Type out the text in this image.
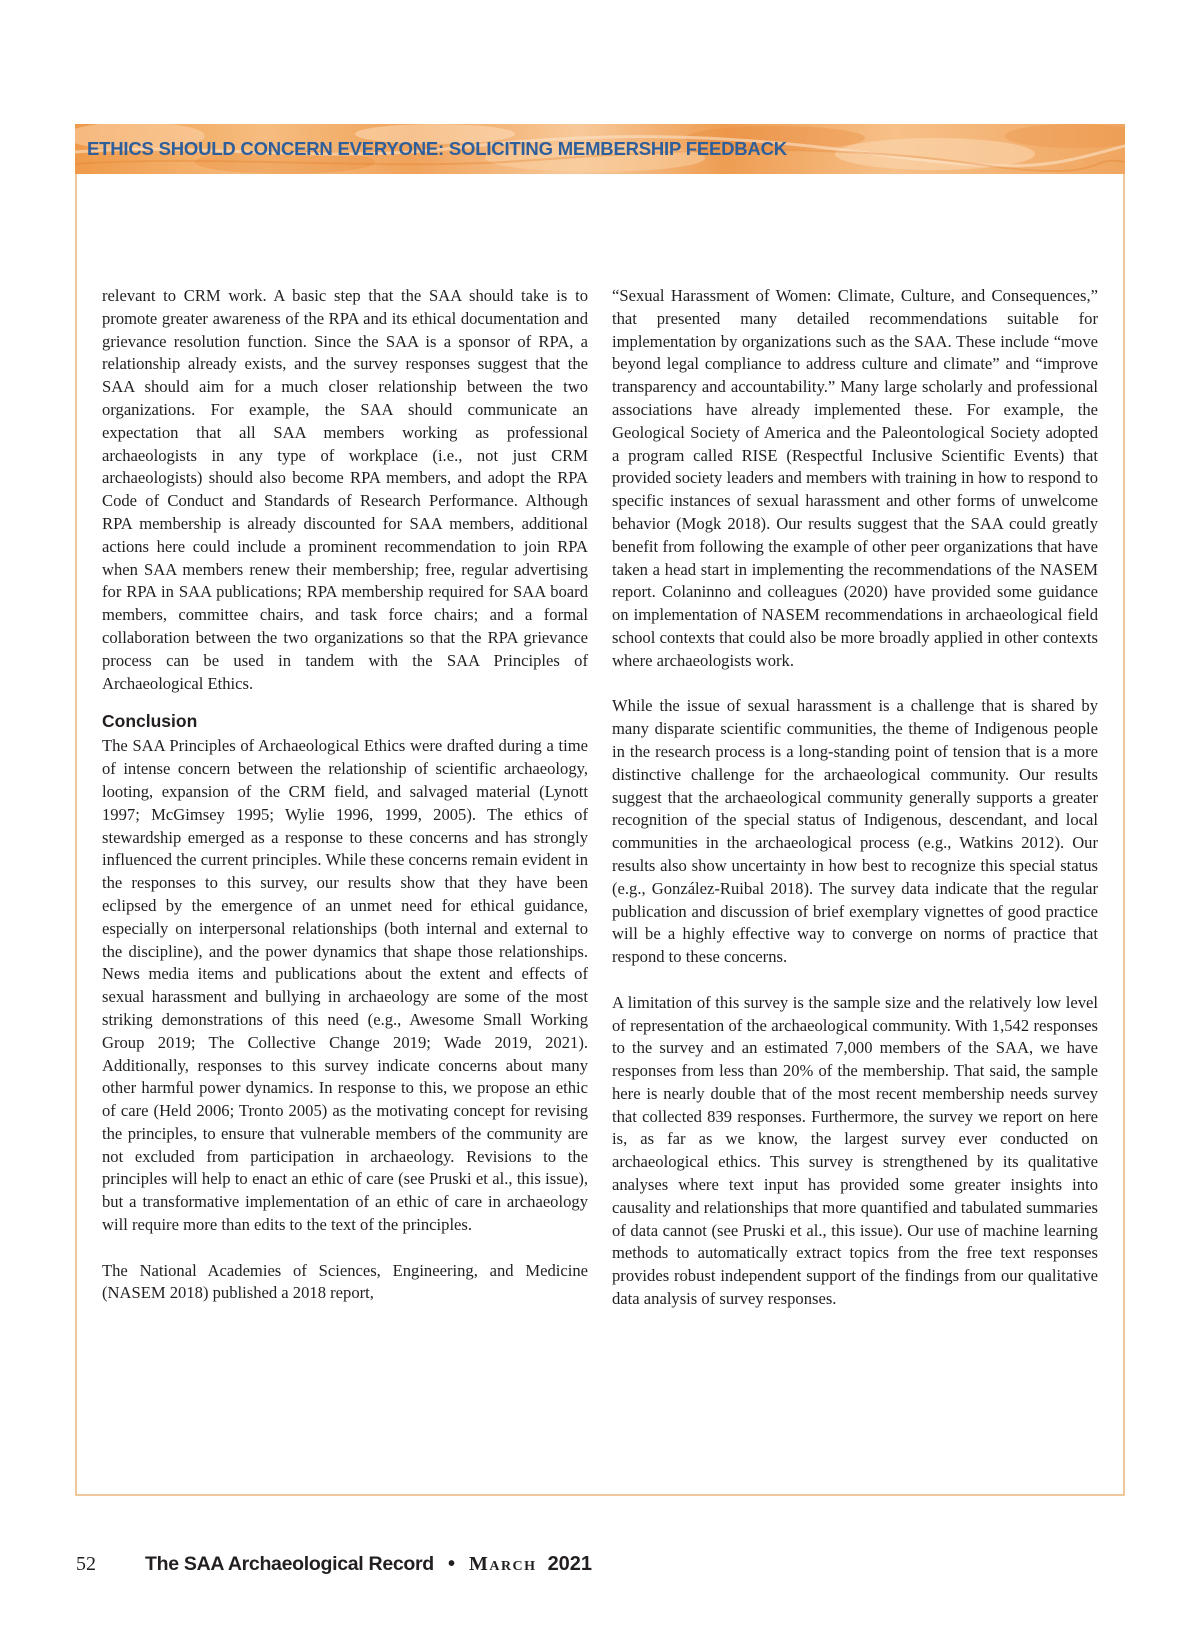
ETHICS SHOULD CONCERN EVERYONE: SOLICITING MEMBERSHIP FEEDBACK

relevant to CRM work. A basic step that the SAA should take is to promote greater awareness of the RPA and its ethical documentation and grievance resolution function. Since the SAA is a sponsor of RPA, a relationship already exists, and the survey responses suggest that the SAA should aim for a much closer relationship between the two organizations. For example, the SAA should communicate an expectation that all SAA members working as professional archaeologists in any type of workplace (i.e., not just CRM archaeologists) should also become RPA members, and adopt the RPA Code of Conduct and Standards of Research Performance. Although RPA membership is already discounted for SAA members, additional actions here could include a prominent recommendation to join RPA when SAA members renew their membership; free, regular advertising for RPA in SAA publications; RPA membership required for SAA board members, committee chairs, and task force chairs; and a formal collaboration between the two organizations so that the RPA grievance process can be used in tandem with the SAA Principles of Archaeological Ethics.

Conclusion

The SAA Principles of Archaeological Ethics were drafted during a time of intense concern between the relationship of scientific archaeology, looting, expansion of the CRM field, and salvaged material (Lynott 1997; McGimsey 1995; Wylie 1996, 1999, 2005). The ethics of stewardship emerged as a response to these concerns and has strongly influenced the current principles. While these concerns remain evident in the responses to this survey, our results show that they have been eclipsed by the emergence of an unmet need for ethical guidance, especially on interpersonal relationships (both internal and external to the discipline), and the power dynamics that shape those relationships. News media items and publications about the extent and effects of sexual harassment and bullying in archaeology are some of the most striking demonstrations of this need (e.g., Awesome Small Working Group 2019; The Collective Change 2019; Wade 2019, 2021). Additionally, responses to this survey indicate concerns about many other harmful power dynamics. In response to this, we propose an ethic of care (Held 2006; Tronto 2005) as the motivating concept for revising the principles, to ensure that vulnerable members of the community are not excluded from participation in archaeology. Revisions to the principles will help to enact an ethic of care (see Pruski et al., this issue), but a transformative implementation of an ethic of care in archaeology will require more than edits to the text of the principles.

The National Academies of Sciences, Engineering, and Medicine (NASEM 2018) published a 2018 report,

“Sexual Harassment of Women: Climate, Culture, and Consequences,” that presented many detailed recommendations suitable for implementation by organizations such as the SAA. These include “move beyond legal compliance to address culture and climate” and “improve transparency and accountability.” Many large scholarly and professional associations have already implemented these. For example, the Geological Society of America and the Paleontological Society adopted a program called RISE (Respectful Inclusive Scientific Events) that provided society leaders and members with training in how to respond to specific instances of sexual harassment and other forms of unwelcome behavior (Mogk 2018). Our results suggest that the SAA could greatly benefit from following the example of other peer organizations that have taken a head start in implementing the recommendations of the NASEM report. Colaninno and colleagues (2020) have provided some guidance on implementation of NASEM recommendations in archaeological field school contexts that could also be more broadly applied in other contexts where archaeologists work.

While the issue of sexual harassment is a challenge that is shared by many disparate scientific communities, the theme of Indigenous people in the research process is a long-standing point of tension that is a more distinctive challenge for the archaeological community. Our results suggest that the archaeological community generally supports a greater recognition of the special status of Indigenous, descendant, and local communities in the archaeological process (e.g., Watkins 2012). Our results also show uncertainty in how best to recognize this special status (e.g., González-Ruibal 2018). The survey data indicate that the regular publication and discussion of brief exemplary vignettes of good practice will be a highly effective way to converge on norms of practice that respond to these concerns.

A limitation of this survey is the sample size and the relatively low level of representation of the archaeological community. With 1,542 responses to the survey and an estimated 7,000 members of the SAA, we have responses from less than 20% of the membership. That said, the sample here is nearly double that of the most recent membership needs survey that collected 839 responses. Furthermore, the survey we report on here is, as far as we know, the largest survey ever conducted on archaeological ethics. This survey is strengthened by its qualitative analyses where text input has provided some greater insights into causality and relationships that more quantified and tabulated summaries of data cannot (see Pruski et al., this issue). Our use of machine learning methods to automatically extract topics from the free text responses provides robust independent support of the findings from our qualitative data analysis of survey responses.

52	The SAA Archaeological Record • March 2021
